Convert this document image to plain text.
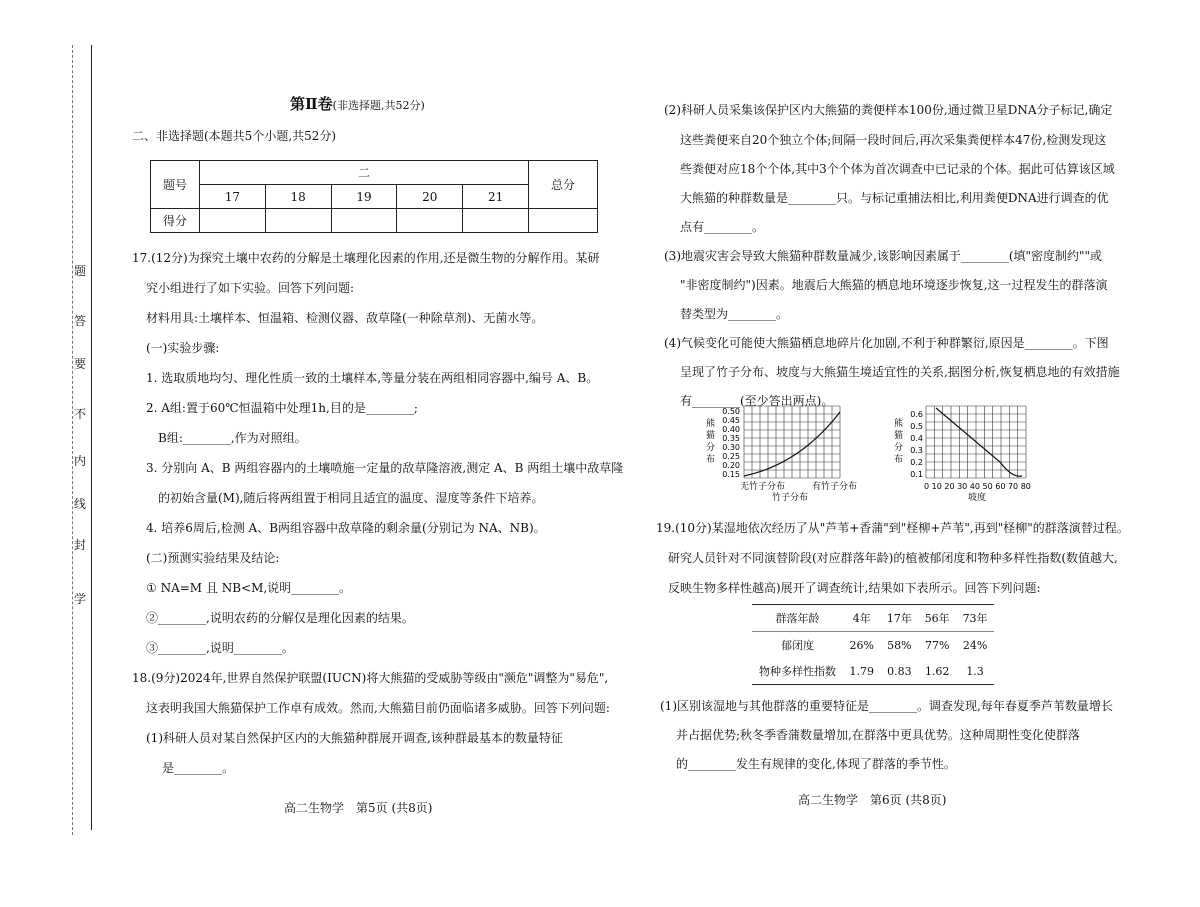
学
封
线
内
不
要
答
题
第Ⅱ卷(非选择题,共52分)
二、非选择题(本题共5个小题,共52分)
题号	二					总分
	17	18	19	20	21	
得分						
17.(12分)为探究土壤中农药的分解是土壤理化因素的作用,还是微生物的分解作用。某研
究小组进行了如下实验。回答下列问题:
材料用具:土壤样本、恒温箱、检测仪器、敌草隆(一种除草剂)、无菌水等。
(一)实验步骤:
1. 选取质地均匀、理化性质一致的土壤样本,等量分装在两组相同容器中,编号 A、B。
2. A组:置于60℃恒温箱中处理1h,目的是________;
B组:________,作为对照组。
3. 分别向 A、B 两组容器内的土壤喷施一定量的敌草隆溶液,测定 A、B 两组土壤中敌草隆
的初始含量(M),随后将两组置于相同且适宜的温度、湿度等条件下培养。
4. 培养6周后,检测 A、B两组容器中敌草隆的剩余量(分别记为 NA、NB)。
(二)预测实验结果及结论:
① NA=M 且 NB<M,说明________。
②________,说明农药的分解仅是理化因素的结果。
③________,说明________。
18.(9分)2024年,世界自然保护联盟(IUCN)将大熊猫的受威胁等级由"濒危"调整为"易危",
这表明我国大熊猫保护工作卓有成效。然而,大熊猫目前仍面临诸多威胁。回答下列问题:
(1)科研人员对某自然保护区内的大熊猫种群展开调查,该种群最基本的数量特征
是________。
高二生物学　第5页 (共8页)
(2)科研人员采集该保护区内大熊猫的粪便样本100份,通过微卫星DNA分子标记,确定
这些粪便来自20个独立个体;间隔一段时间后,再次采集粪便样本47份,检测发现这
些粪便对应18个个体,其中3个个体为首次调查中已记录的个体。据此可估算该区域
大熊猫的种群数量是________只。与标记重捕法相比,利用粪便DNA进行调查的优
点有________。
(3)地震灾害会导致大熊猫种群数量减少,该影响因素属于________(填"密度制约""或
"非密度制约")因素。地震后大熊猫的栖息地环境逐步恢复,这一过程发生的群落演
替类型为________。
(4)气候变化可能使大熊猫栖息地碎片化加剧,不利于种群繁衍,原因是________。下图
呈现了竹子分布、坡度与大熊猫生境适宜性的关系,据图分析,恢复栖息地的有效措施
有________(至少答出两点)。
熊
猫
分
布
0.50
0.45
0.40
0.35
0.30
0.25
0.20
0.15
无竹子分布	有竹子分布
竹子分布
熊
猫
分
布
0.6
0.5
0.4
0.3
0.2
0.1
0 10 20 30 40 50 60 70 80
坡度
19.(10分)某湿地依次经历了从"芦苇+香蒲"到"柽柳+芦苇",再到"柽柳"的群落演替过程。
研究人员针对不同演替阶段(对应群落年龄)的植被郁闭度和物种多样性指数(数值越大,
反映生物多样性越高)展开了调查统计,结果如下表所示。回答下列问题:
群落年龄	4年	17年	56年	73年
郁闭度	26%	58%	77%	24%
物种多样性指数	1.79	0.83	1.62	1.3
(1)区别该湿地与其他群落的重要特征是________。调查发现,每年春夏季芦苇数量增长
并占据优势;秋冬季香蒲数量增加,在群落中更具优势。这种周期性变化使群落
的________发生有规律的变化,体现了群落的季节性。
高二生物学　第6页 (共8页)
